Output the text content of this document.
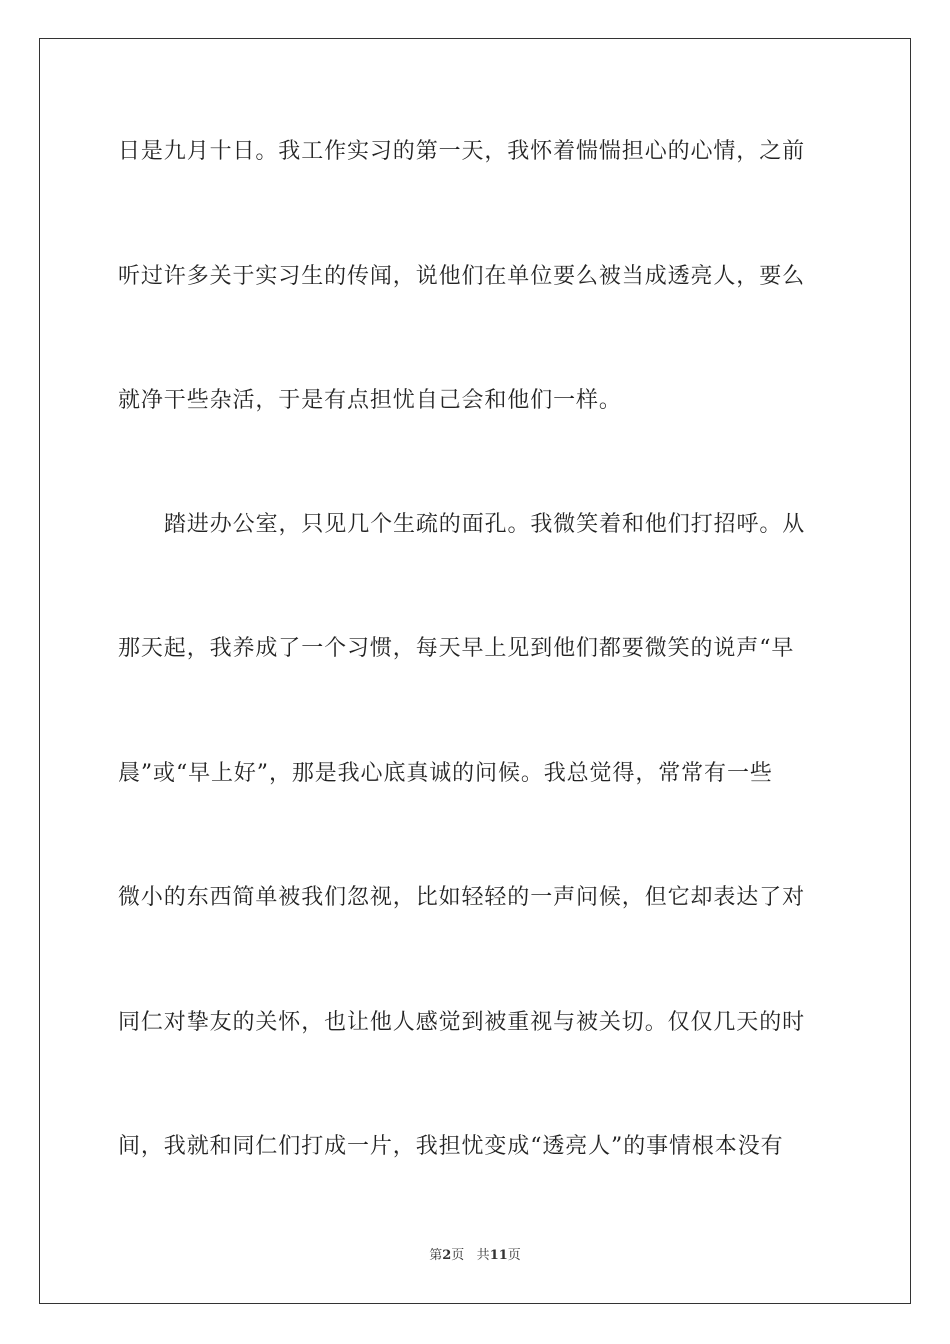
日是九月十日。我工作实习的第一天，我怀着惴惴担心的心情，之前
听过许多关于实习生的传闻，说他们在单位要么被当成透亮人，要么
就净干些杂活，于是有点担忧自己会和他们一样。
踏进办公室，只见几个生疏的面孔。我微笑着和他们打招呼。从
那天起，我养成了一个习惯，每天早上见到他们都要微笑的说声“早
晨”或“早上好”，那是我心底真诚的问候。我总觉得，常常有一些
微小的东西简单被我们忽视，比如轻轻的一声问候，但它却表达了对
同仁对挚友的关怀，也让他人感觉到被重视与被关切。仅仅几天的时
间，我就和同仁们打成一片，我担忧变成“透亮人”的事情根本没有
第2页 共11页
